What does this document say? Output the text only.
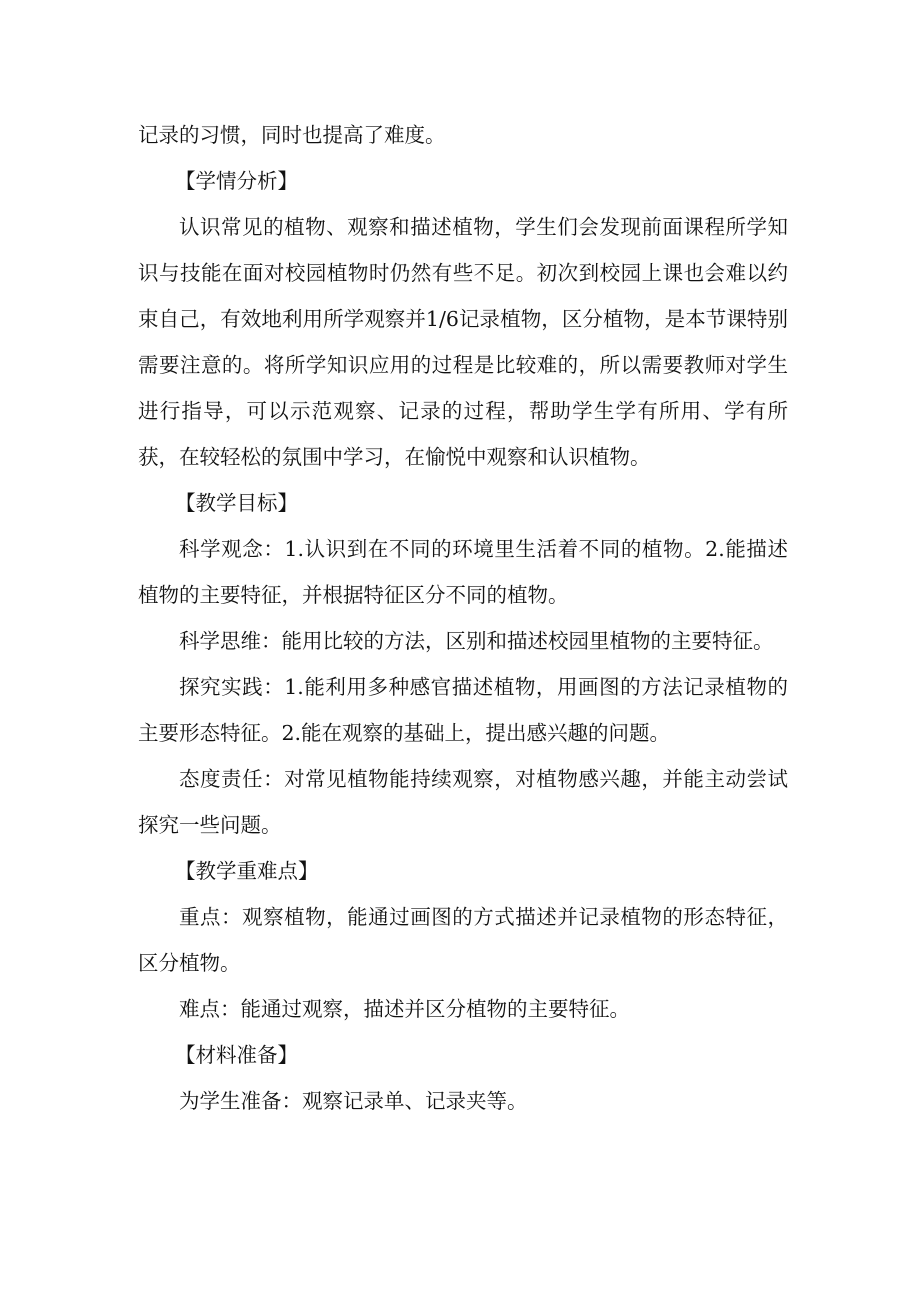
记录的习惯，同时也提高了难度。

【学情分析】

认识常见的植物、观察和描述植物，学生们会发现前面课程所学知识与技能在面对校园植物时仍然有些不足。初次到校园上课也会难以约束自己，有效地利用所学观察并1/6记录植物，区分植物，是本节课特别需要注意的。将所学知识应用的过程是比较难的，所以需要教师对学生进行指导，可以示范观察、记录的过程，帮助学生学有所用、学有所获，在较轻松的氛围中学习，在愉悦中观察和认识植物。

【教学目标】

科学观念：1.认识到在不同的环境里生活着不同的植物。2.能描述植物的主要特征，并根据特征区分不同的植物。

科学思维：能用比较的方法，区别和描述校园里植物的主要特征。

探究实践：1.能利用多种感官描述植物，用画图的方法记录植物的主要形态特征。2.能在观察的基础上，提出感兴趣的问题。

态度责任：对常见植物能持续观察，对植物感兴趣，并能主动尝试探究一些问题。

【教学重难点】

重点：观察植物，能通过画图的方式描述并记录植物的形态特征，区分植物。

难点：能通过观察，描述并区分植物的主要特征。

【材料准备】

为学生准备：观察记录单、记录夹等。
